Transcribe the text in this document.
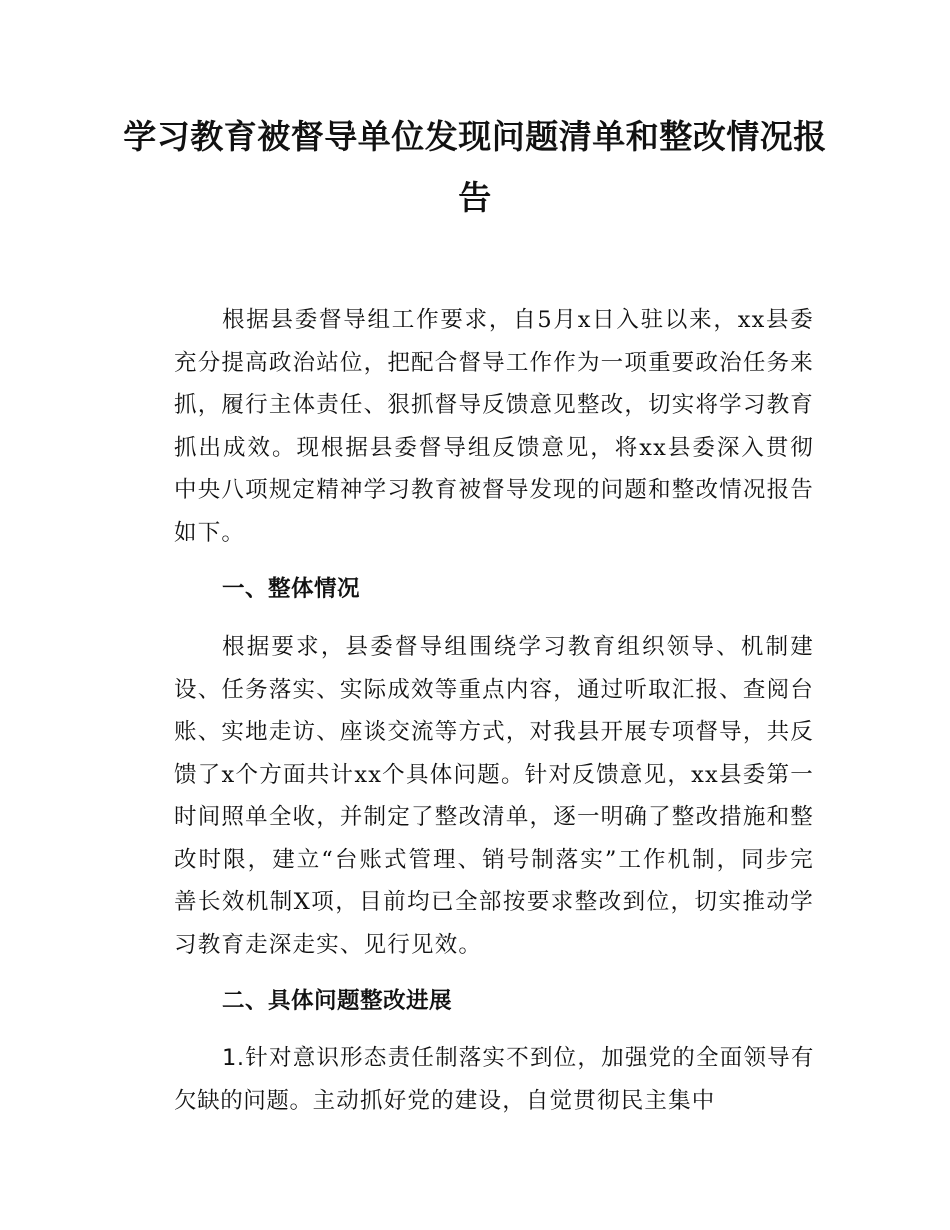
学习教育被督导单位发现问题清单和整改情况报告

根据县委督导组工作要求，自5月x日入驻以来，xx县委充分提高政治站位，把配合督导工作作为一项重要政治任务来抓，履行主体责任、狠抓督导反馈意见整改，切实将学习教育抓出成效。现根据县委督导组反馈意见，将xx县委深入贯彻中央八项规定精神学习教育被督导发现的问题和整改情况报告如下。

一、整体情况

根据要求，县委督导组围绕学习教育组织领导、机制建设、任务落实、实际成效等重点内容，通过听取汇报、查阅台账、实地走访、座谈交流等方式，对我县开展专项督导，共反馈了x个方面共计xx个具体问题。针对反馈意见，xx县委第一时间照单全收，并制定了整改清单，逐一明确了整改措施和整改时限，建立“台账式管理、销号制落实”工作机制，同步完善长效机制X项，目前均已全部按要求整改到位，切实推动学习教育走深走实、见行见效。

二、具体问题整改进展

1.针对意识形态责任制落实不到位，加强党的全面领导有欠缺的问题。主动抓好党的建设，自觉贯彻民主集中
